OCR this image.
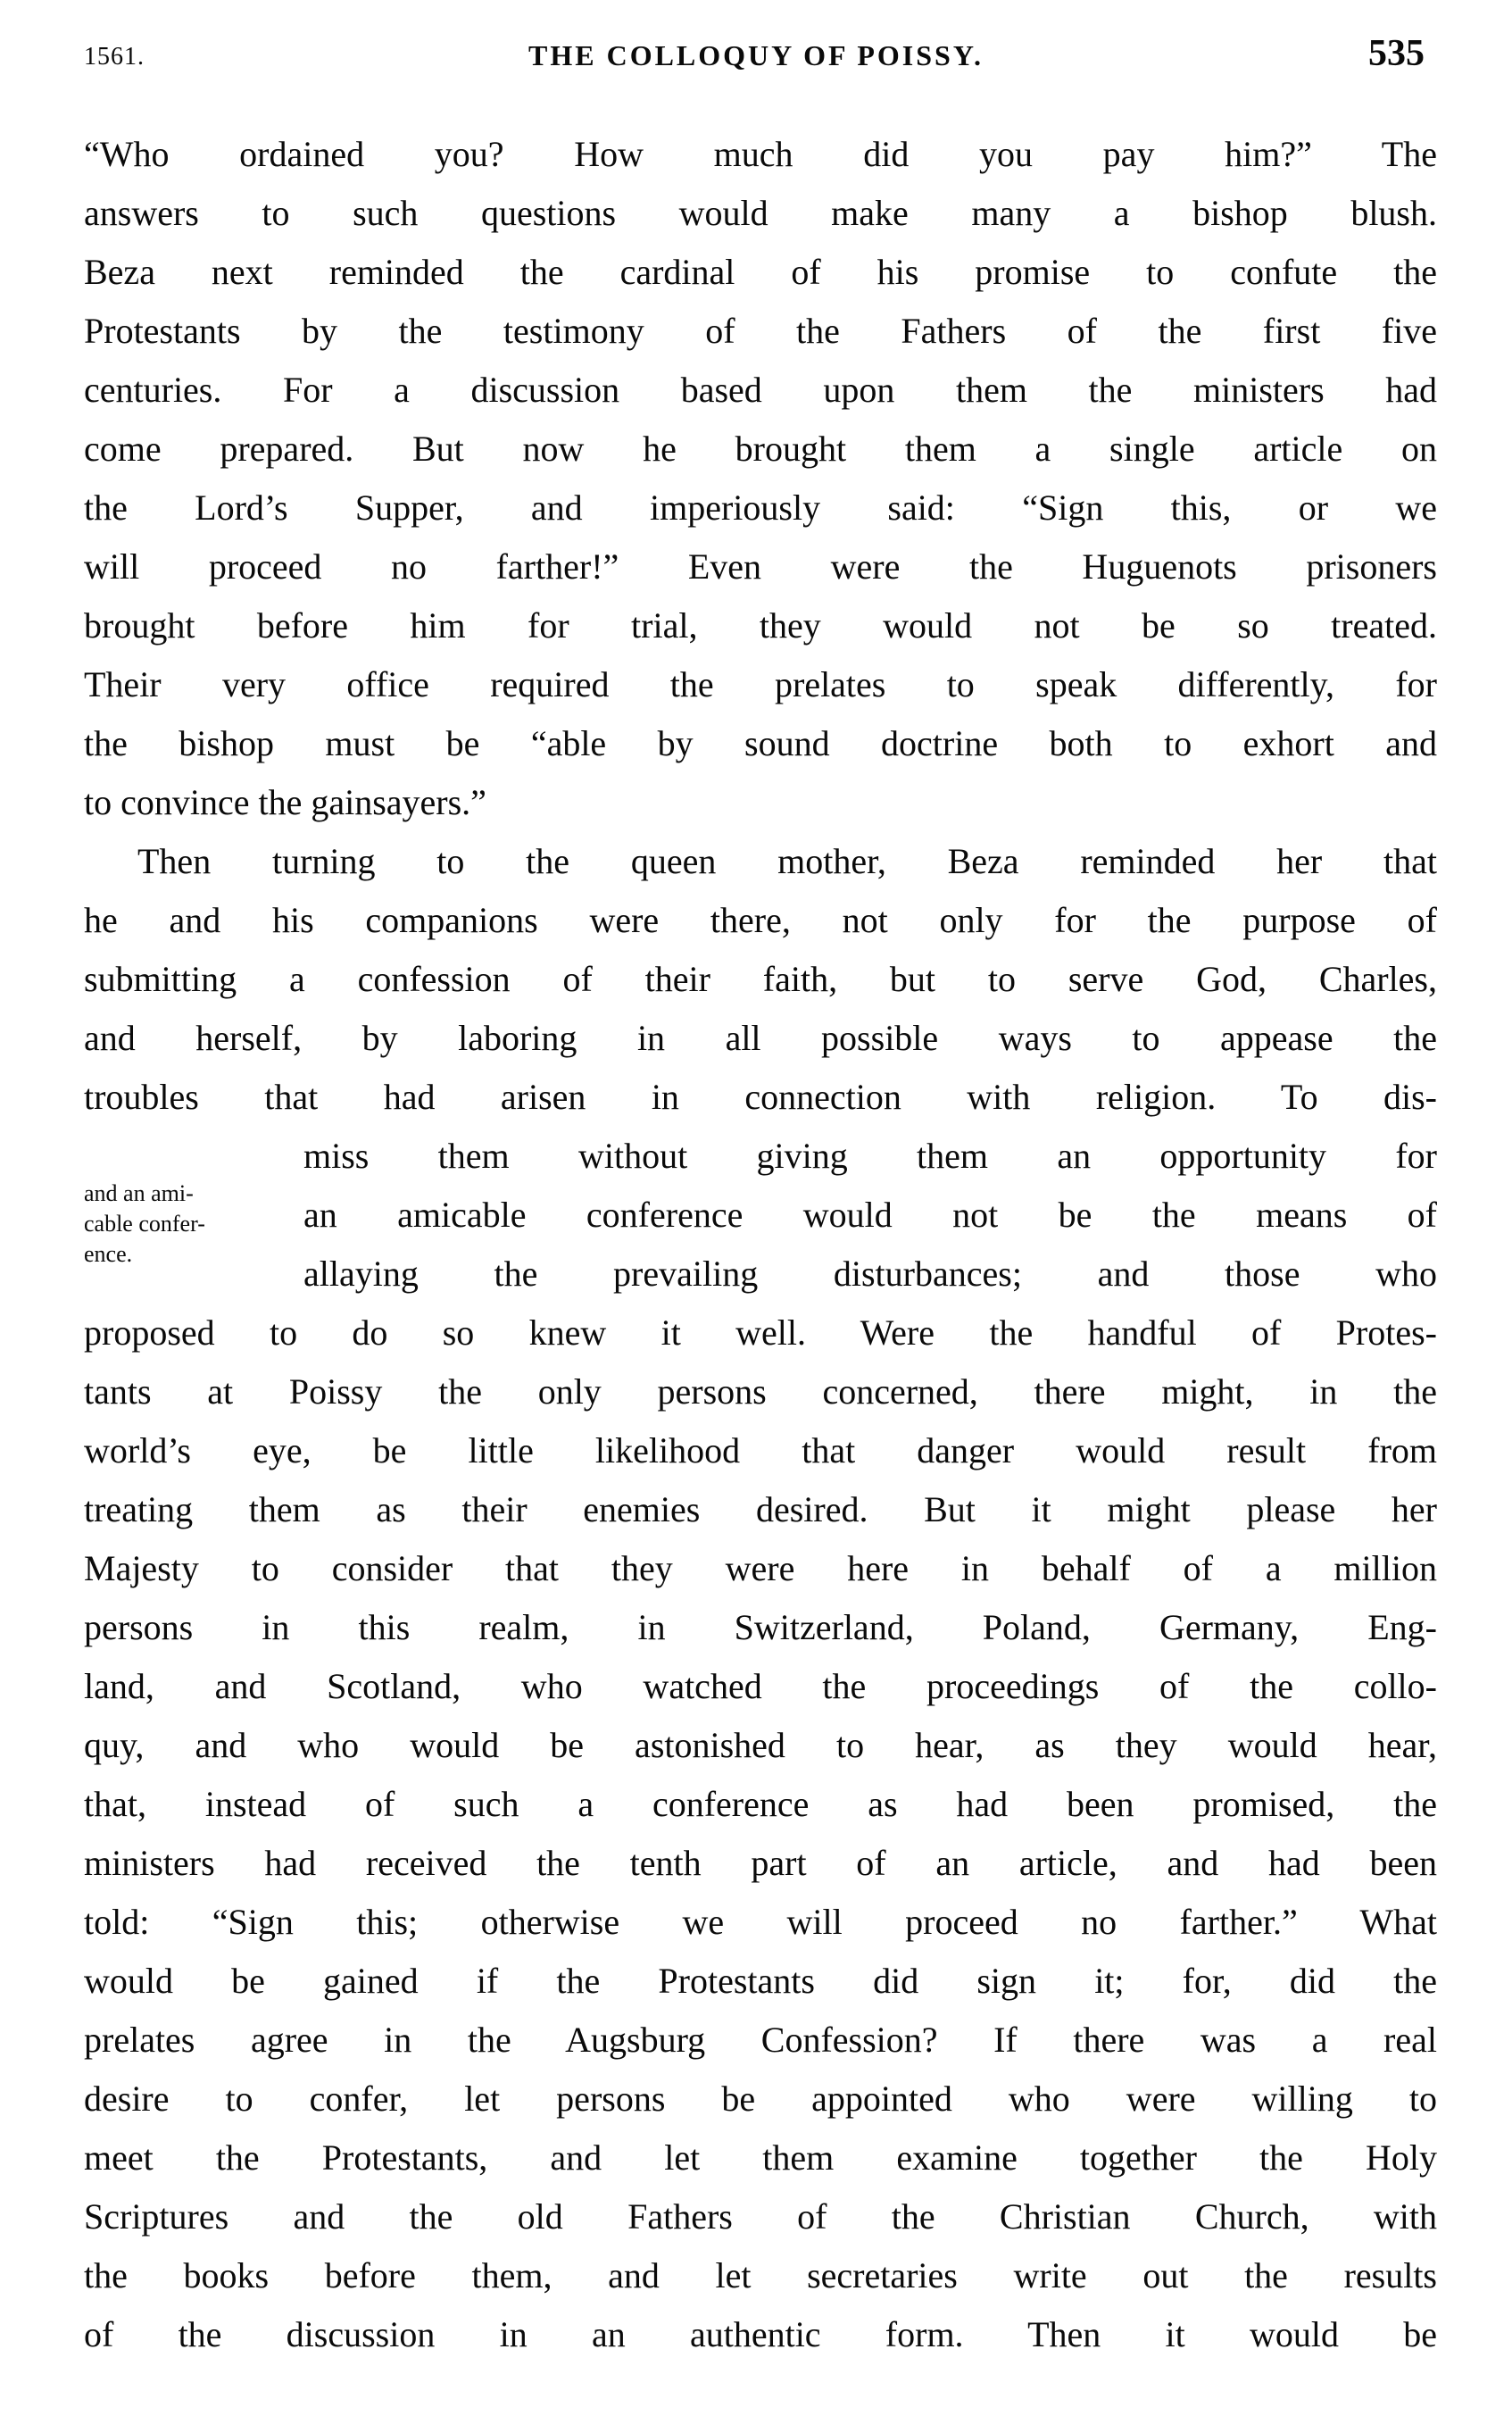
1561.	THE COLLOQUY OF POISSY.	535
and an ami-
cable confer-
ence.
“Who ordained you? How much did you pay him?” The
answers to such questions would make many a bishop blush.
Beza next reminded the cardinal of his promise to confute the
Protestants by the testimony of the Fathers of the first five
centuries. For a discussion based upon them the ministers had
come prepared. But now he brought them a single article on
the Lord’s Supper, and imperiously said: “Sign this, or we
will proceed no farther!” Even were the Huguenots prisoners
brought before him for trial, they would not be so treated.
Their very office required the prelates to speak differently, for
the bishop must be “able by sound doctrine both to exhort and
to convince the gainsayers.”
Then turning to the queen mother, Beza reminded her that
he and his companions were there, not only for the purpose of
submitting a confession of their faith, but to serve God, Charles,
and herself, by laboring in all possible ways to appease the
troubles that had arisen in connection with religion. To dis-
miss them without giving them an opportunity for
an amicable conference would not be the means of
allaying the prevailing disturbances; and those who
proposed to do so knew it well. Were the handful of Protes-
tants at Poissy the only persons concerned, there might, in the
world’s eye, be little likelihood that danger would result from
treating them as their enemies desired. But it might please her
Majesty to consider that they were here in behalf of a million
persons in this realm, in Switzerland, Poland, Germany, Eng-
land, and Scotland, who watched the proceedings of the collo-
quy, and who would be astonished to hear, as they would hear,
that, instead of such a conference as had been promised, the
ministers had received the tenth part of an article, and had been
told: “Sign this; otherwise we will proceed no farther.” What
would be gained if the Protestants did sign it; for, did the
prelates agree in the Augsburg Confession? If there was a real
desire to confer, let persons be appointed who were willing to
meet the Protestants, and let them examine together the Holy
Scriptures and the old Fathers of the Christian Church, with
the books before them, and let secretaries write out the results
of the discussion in an authentic form. Then it would be
